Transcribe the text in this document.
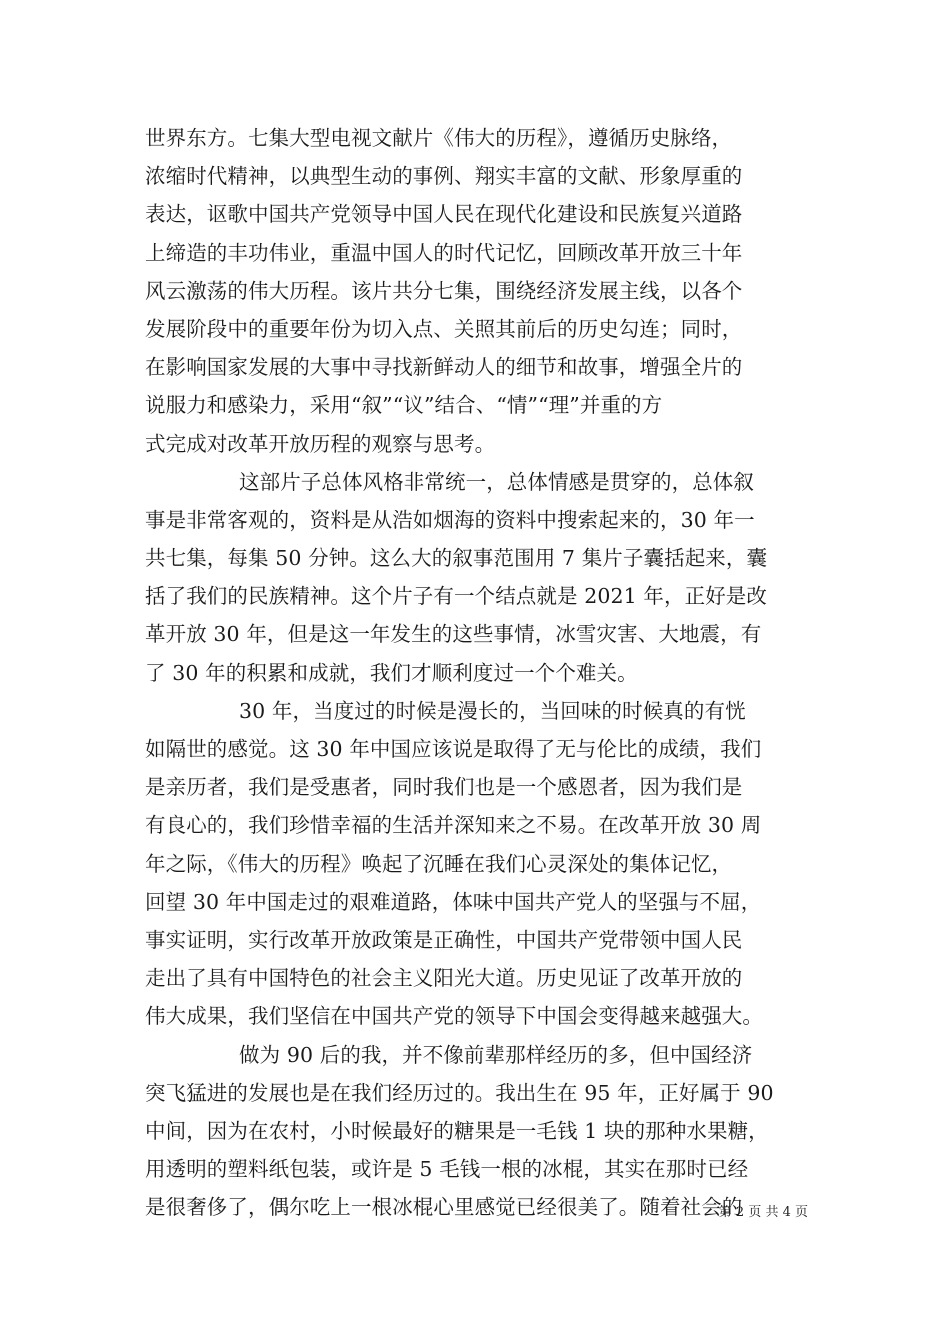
世界东方。七集大型电视文献片《伟大的历程》，遵循历史脉络，
浓缩时代精神，以典型生动的事例、翔实丰富的文献、形象厚重的
表达，讴歌中国共产党领导中国人民在现代化建设和民族复兴道路
上缔造的丰功伟业，重温中国人的时代记忆，回顾改革开放三十年
风云激荡的伟大历程。该片共分七集，围绕经济发展主线，以各个
发展阶段中的重要年份为切入点、关照其前后的历史勾连；同时，
在影响国家发展的大事中寻找新鲜动人的细节和故事，增强全片的
说服力和感染力，采用“叙”“议”结合、“情”“理”并重的方
式完成对改革开放历程的观察与思考。
这部片子总体风格非常统一，总体情感是贯穿的，总体叙
事是非常客观的，资料是从浩如烟海的资料中搜索起来的，30 年一
共七集，每集 50 分钟。这么大的叙事范围用 7 集片子囊括起来，囊
括了我们的民族精神。这个片子有一个结点就是 2021 年，正好是改
革开放 30 年，但是这一年发生的这些事情，冰雪灾害、大地震，有
了 30 年的积累和成就，我们才顺利度过一个个难关。
30 年，当度过的时候是漫长的，当回味的时候真的有恍
如隔世的感觉。这 30 年中国应该说是取得了无与伦比的成绩，我们
是亲历者，我们是受惠者，同时我们也是一个感恩者，因为我们是
有良心的，我们珍惜幸福的生活并深知来之不易。在改革开放 30 周
年之际，《伟大的历程》唤起了沉睡在我们心灵深处的集体记忆，
回望 30 年中国走过的艰难道路，体味中国共产党人的坚强与不屈，
事实证明，实行改革开放政策是正确性，中国共产党带领中国人民
走出了具有中国特色的社会主义阳光大道。历史见证了改革开放的
伟大成果，我们坚信在中国共产党的领导下中国会变得越来越强大。
做为 90 后的我，并不像前辈那样经历的多，但中国经济
突飞猛进的发展也是在我们经历过的。我出生在 95 年，正好属于 90
中间，因为在农村，小时候最好的糖果是一毛钱 1 块的那种水果糖，
用透明的塑料纸包装，或许是 5 毛钱一根的冰棍，其实在那时已经
是很奢侈了，偶尔吃上一根冰棍心里感觉已经很美了。随着社会的
第 2 页 共 4 页
